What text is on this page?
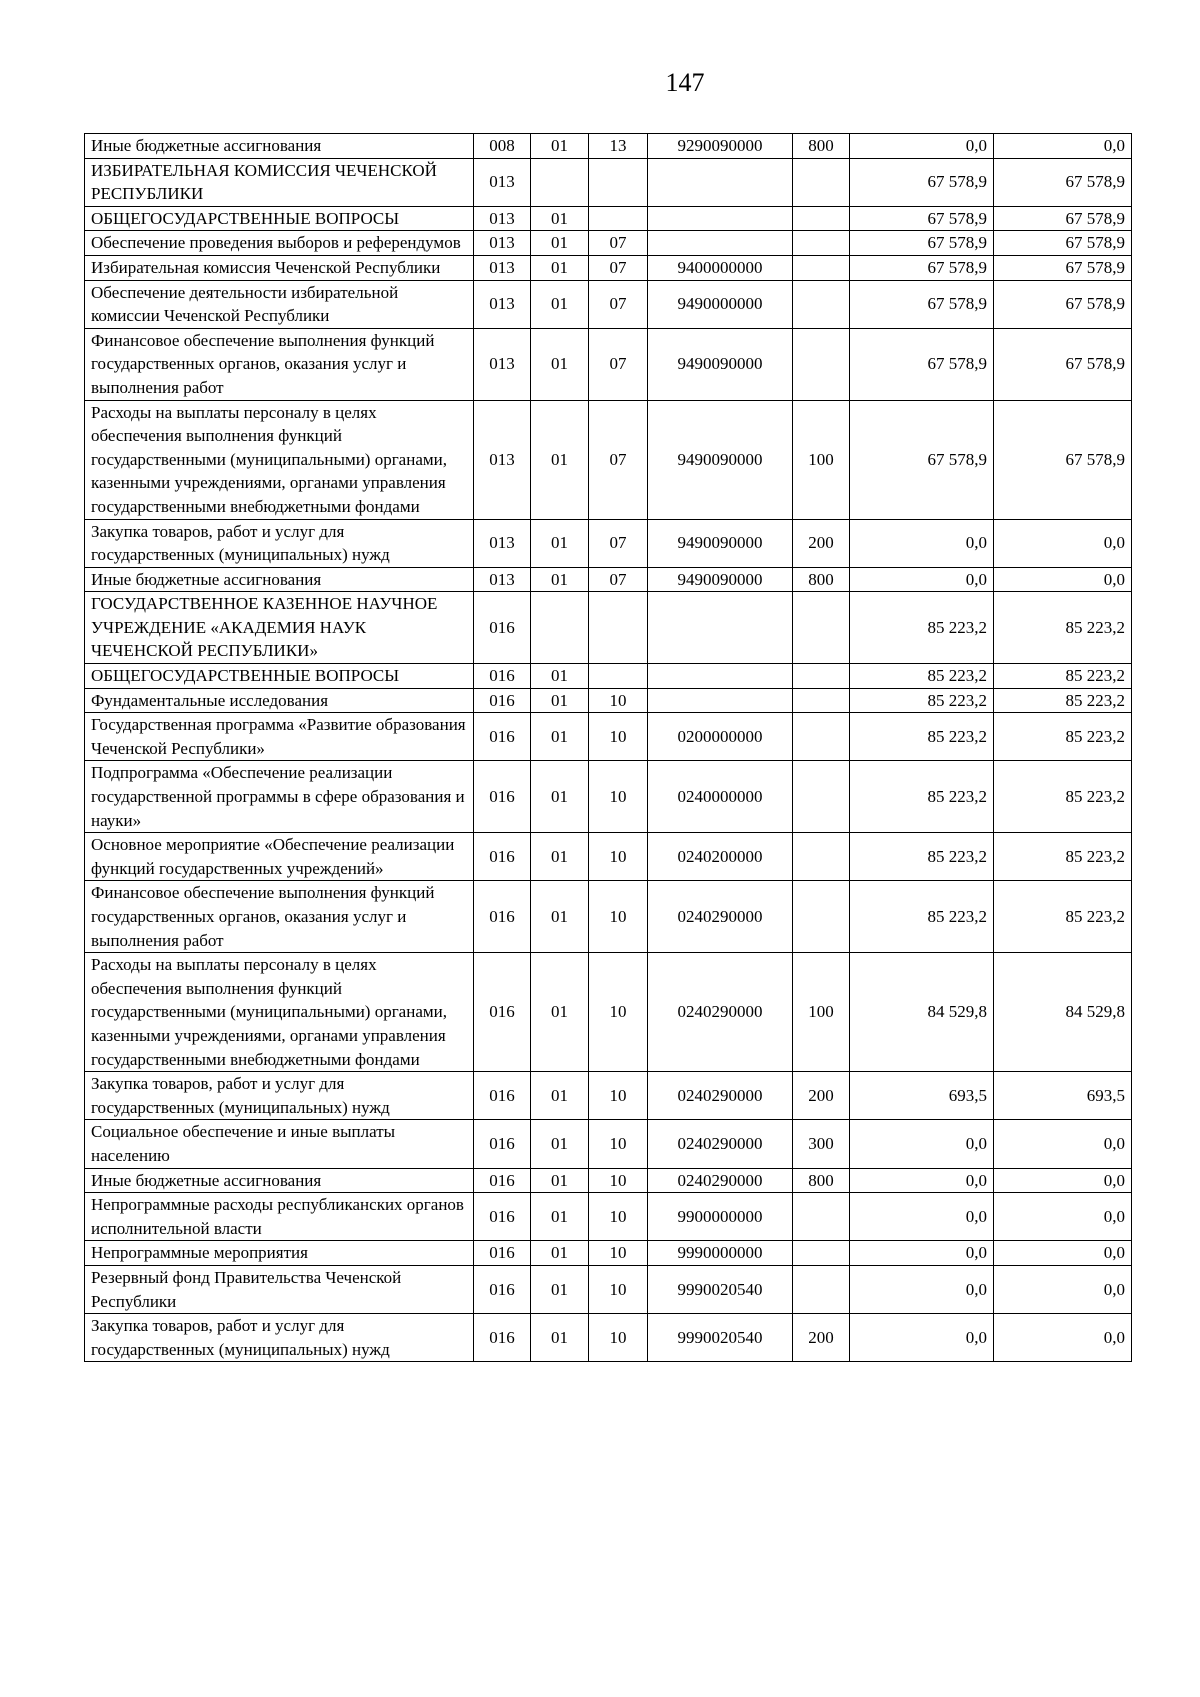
147
Иные бюджетные ассигнования	008	01	13	9290090000	800	0,0	0,0
ИЗБИРАТЕЛЬНАЯ КОМИССИЯ ЧЕЧЕНСКОЙ РЕСПУБЛИКИ	013					67 578,9	67 578,9
ОБЩЕГОСУДАРСТВЕННЫЕ ВОПРОСЫ	013	01				67 578,9	67 578,9
Обеспечение проведения выборов и референдумов	013	01	07			67 578,9	67 578,9
Избирательная комиссия Чеченской Республики	013	01	07	9400000000		67 578,9	67 578,9
Обеспечение деятельности избирательной комиссии Чеченской Республики	013	01	07	9490000000		67 578,9	67 578,9
Финансовое обеспечение выполнения функций государственных органов, оказания услуг и выполнения работ	013	01	07	9490090000		67 578,9	67 578,9
Расходы на выплаты персоналу в целях обеспечения выполнения функций государственными (муниципальными) органами, казенными учреждениями, органами управления государственными внебюджетными фондами	013	01	07	9490090000	100	67 578,9	67 578,9
Закупка товаров, работ и услуг для государственных (муниципальных) нужд	013	01	07	9490090000	200	0,0	0,0
Иные бюджетные ассигнования	013	01	07	9490090000	800	0,0	0,0
ГОСУДАРСТВЕННОЕ КАЗЕННОЕ НАУЧНОЕ УЧРЕЖДЕНИЕ «АКАДЕМИЯ НАУК ЧЕЧЕНСКОЙ РЕСПУБЛИКИ»	016					85 223,2	85 223,2
ОБЩЕГОСУДАРСТВЕННЫЕ ВОПРОСЫ	016	01				85 223,2	85 223,2
Фундаментальные исследования	016	01	10			85 223,2	85 223,2
Государственная программа «Развитие образования Чеченской Республики»	016	01	10	0200000000		85 223,2	85 223,2
Подпрограмма «Обеспечение реализации государственной программы в сфере образования и науки»	016	01	10	0240000000		85 223,2	85 223,2
Основное мероприятие «Обеспечение реализации функций государственных учреждений»	016	01	10	0240200000		85 223,2	85 223,2
Финансовое обеспечение выполнения функций государственных органов, оказания услуг и выполнения работ	016	01	10	0240290000		85 223,2	85 223,2
Расходы на выплаты персоналу в целях обеспечения выполнения функций государственными (муниципальными) органами, казенными учреждениями, органами управления государственными внебюджетными фондами	016	01	10	0240290000	100	84 529,8	84 529,8
Закупка товаров, работ и услуг для государственных (муниципальных) нужд	016	01	10	0240290000	200	693,5	693,5
Социальное обеспечение и иные выплаты населению	016	01	10	0240290000	300	0,0	0,0
Иные бюджетные ассигнования	016	01	10	0240290000	800	0,0	0,0
Непрограммные расходы республиканских органов исполнительной власти	016	01	10	9900000000		0,0	0,0
Непрограммные мероприятия	016	01	10	9990000000		0,0	0,0
Резервный фонд Правительства Чеченской Республики	016	01	10	9990020540		0,0	0,0
Закупка товаров, работ и услуг для государственных (муниципальных) нужд	016	01	10	9990020540	200	0,0	0,0
